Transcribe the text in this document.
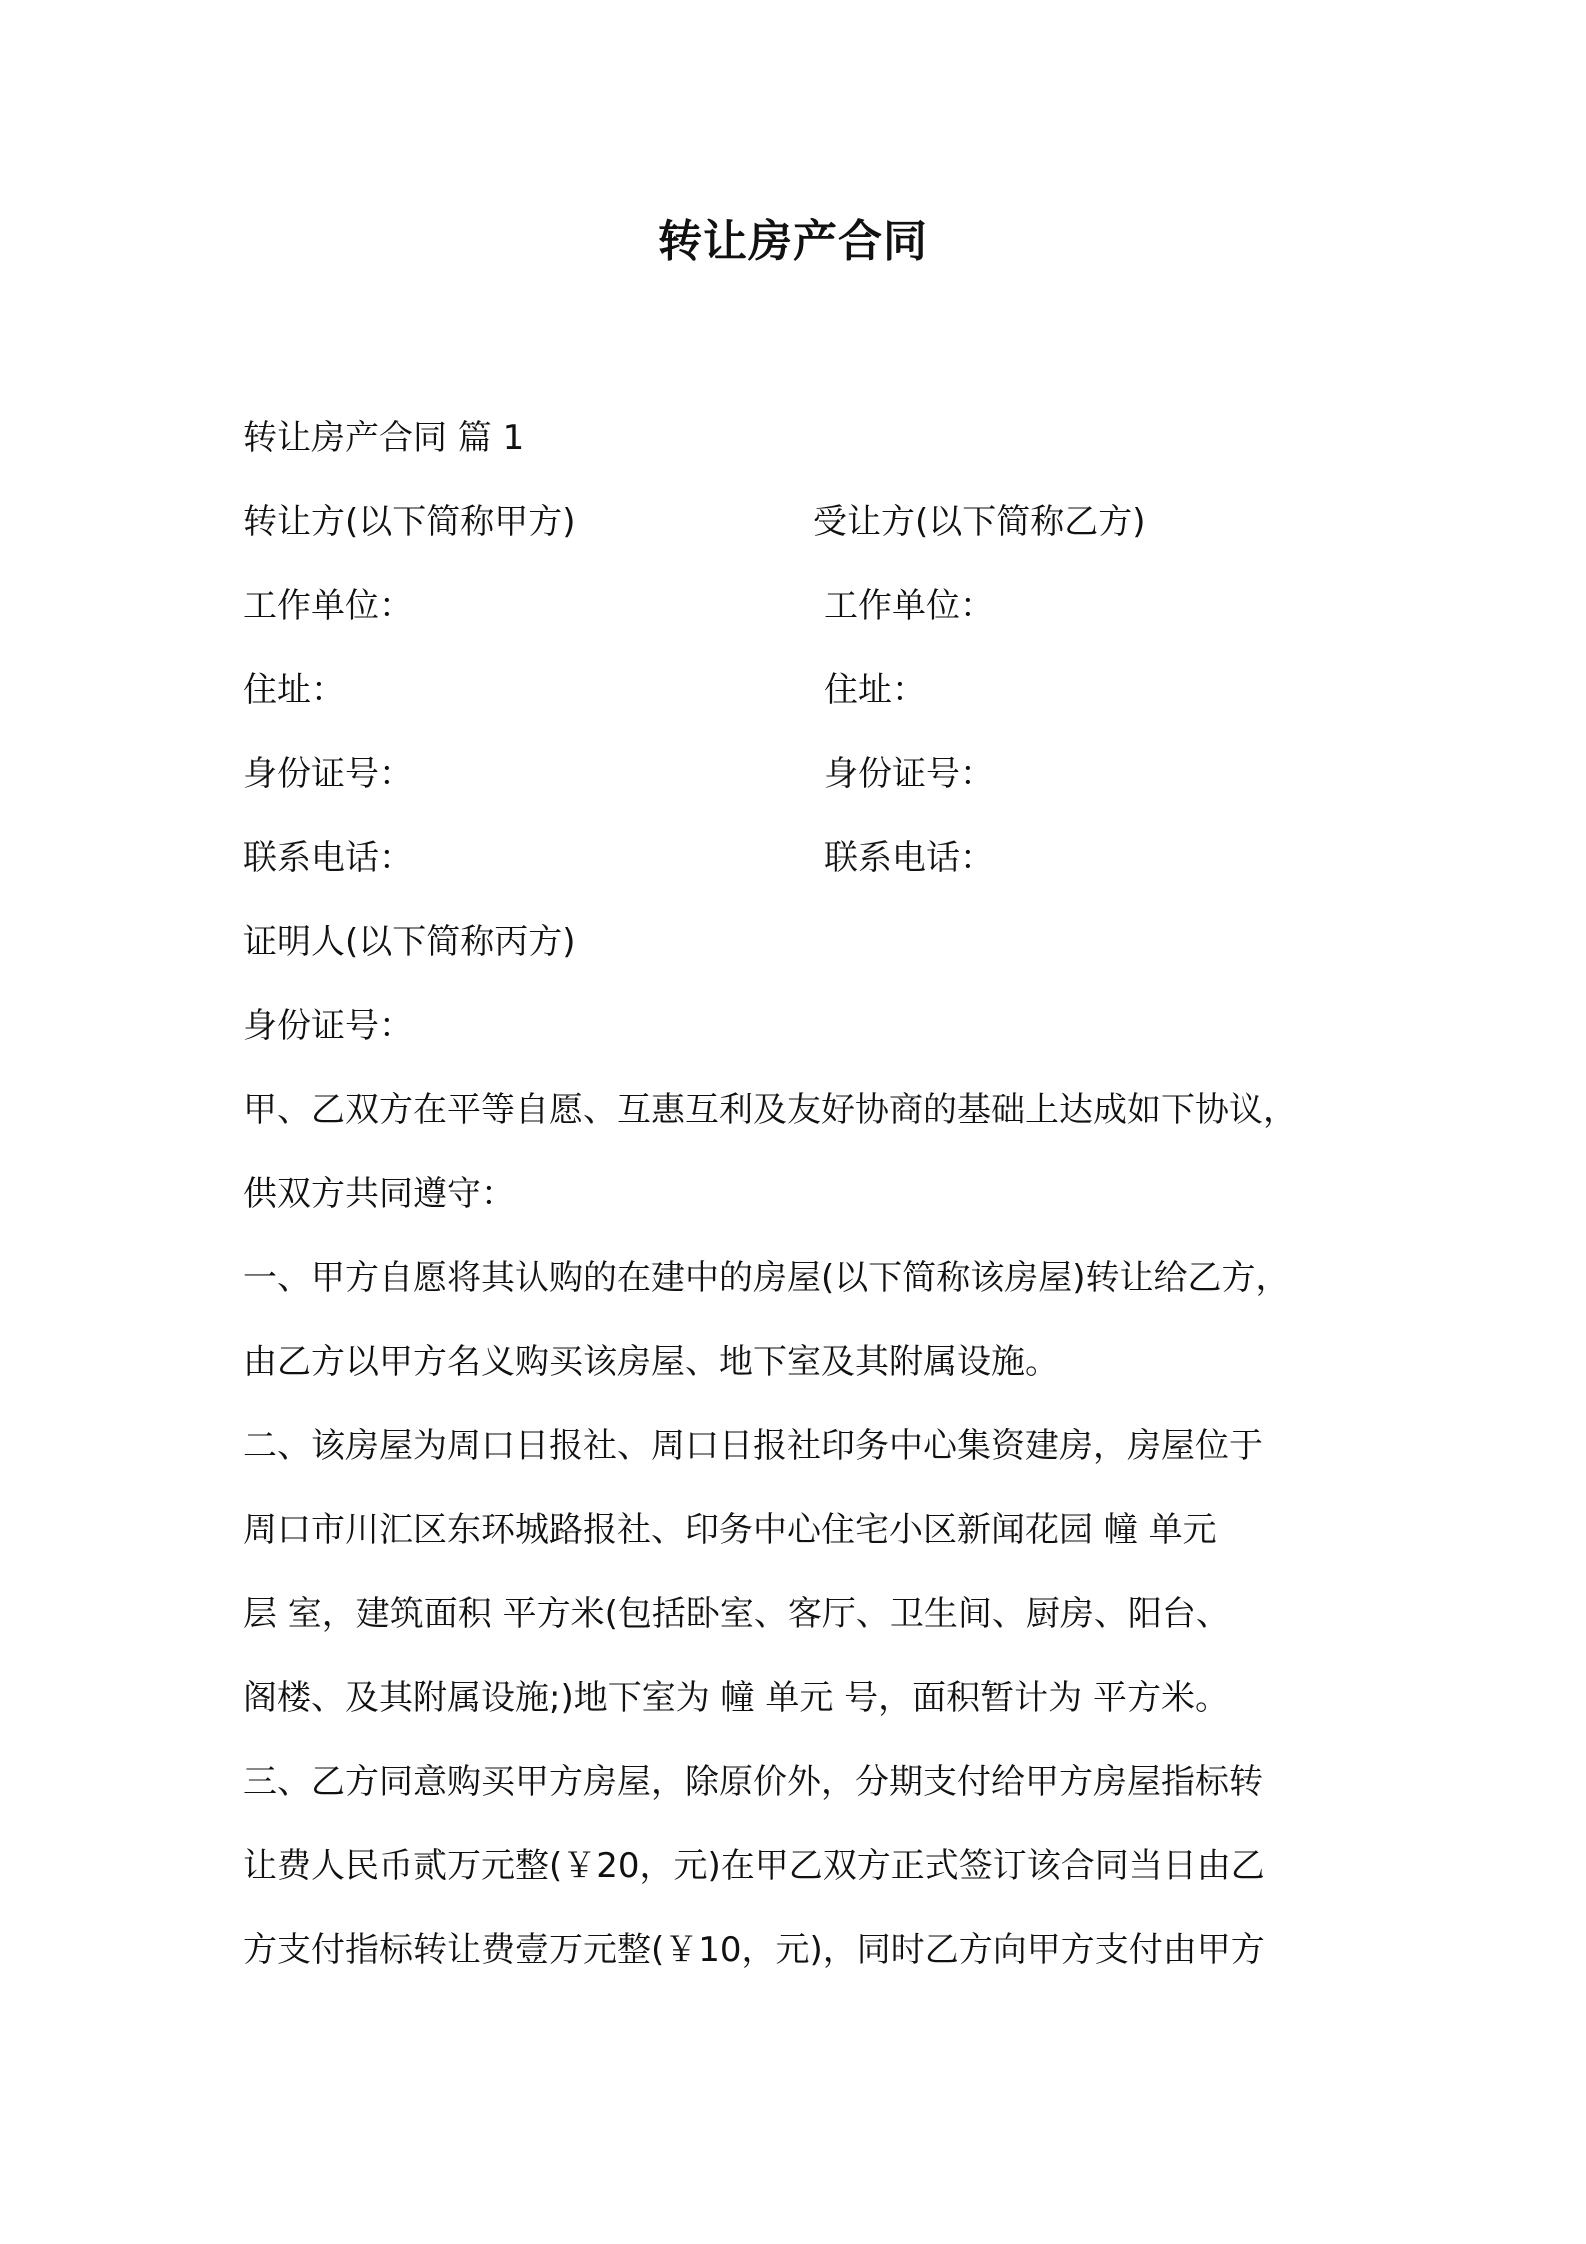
转让房产合同
转让房产合同 篇 1
转让方(以下简称甲方)	受让方(以下简称乙方)
工作单位：	工作单位：
住址：	住址：
身份证号：	身份证号：
联系电话：	联系电话：
证明人(以下简称丙方)
身份证号：
甲、乙双方在平等自愿、互惠互利及友好协商的基础上达成如下协议，
供双方共同遵守：
一、甲方自愿将其认购的在建中的房屋(以下简称该房屋)转让给乙方，
由乙方以甲方名义购买该房屋、地下室及其附属设施。
二、该房屋为周口日报社、周口日报社印务中心集资建房，房屋位于
周口市川汇区东环城路报社、印务中心住宅小区新闻花园 幢 单元
层 室，建筑面积 平方米(包括卧室、客厅、卫生间、厨房、阳台、
阁楼、及其附属设施;)地下室为 幢 单元 号，面积暂计为 平方米。
三、乙方同意购买甲方房屋，除原价外，分期支付给甲方房屋指标转
让费人民币贰万元整(￥20，元)在甲乙双方正式签订该合同当日由乙
方支付指标转让费壹万元整(￥10，元)，同时乙方向甲方支付由甲方
